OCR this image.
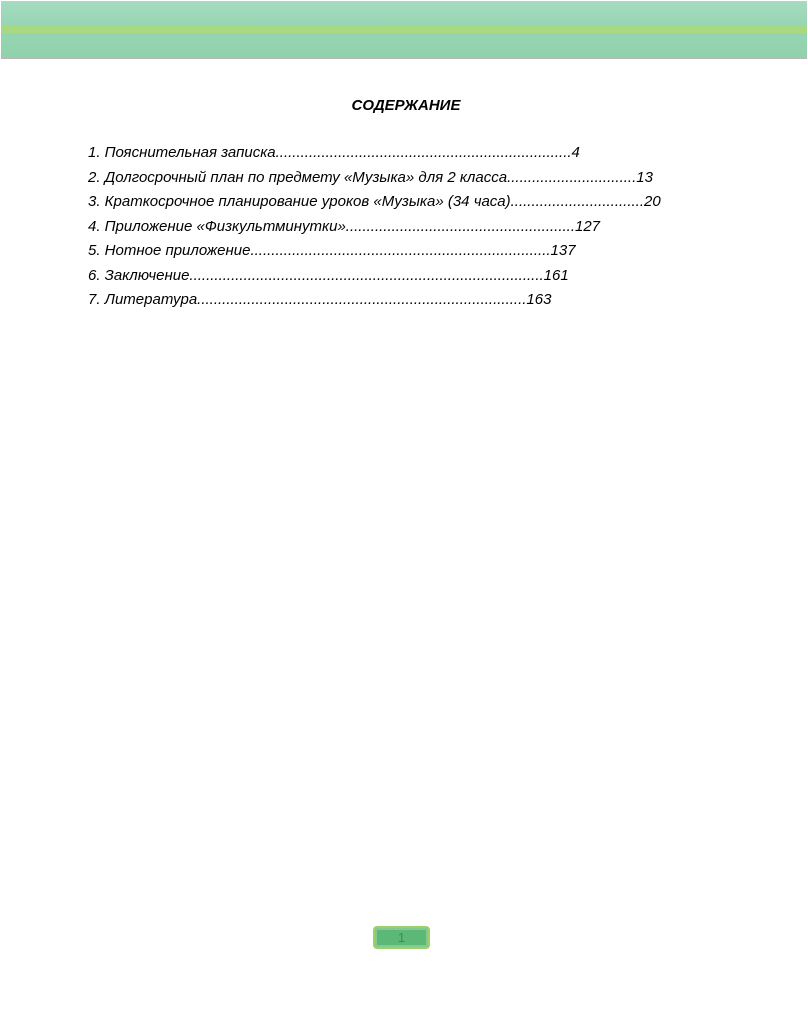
СОДЕРЖАНИЕ
1. Пояснительная записка.......................................................................4
2. Долгосрочный план по предмету «Музыка» для 2 класса...............................13
3. Краткосрочное планирование уроков «Музыка» (34 часа)................................20
4. Приложение «Физкультминутки».......................................................127
5. Нотное приложение........................................................................137
6. Заключение.....................................................................................161
7. Литература...............................................................................163
1
